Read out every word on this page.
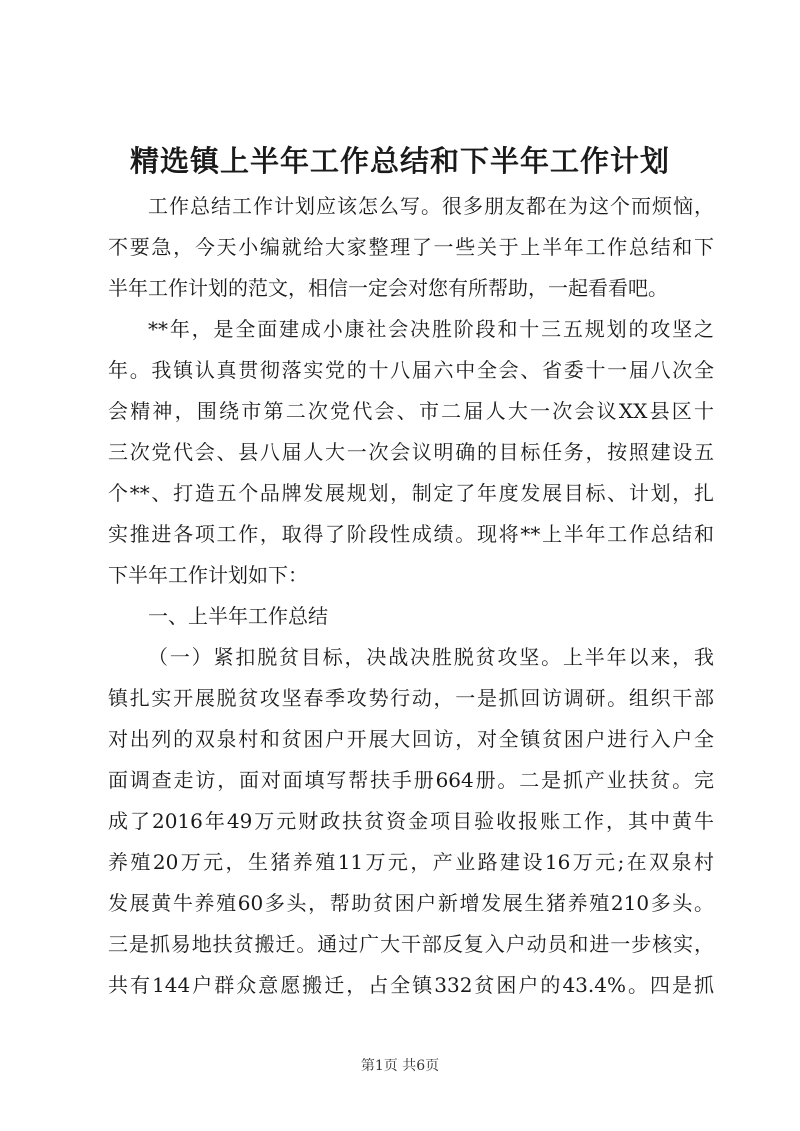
精选镇上半年工作总结和下半年工作计划
工作总结工作计划应该怎么写。很多朋友都在为这个而烦恼，
不要急，今天小编就给大家整理了一些关于上半年工作总结和下
半年工作计划的范文，相信一定会对您有所帮助，一起看看吧。
**年，是全面建成小康社会决胜阶段和十三五规划的攻坚之
年。我镇认真贯彻落实党的十八届六中全会、省委十一届八次全
会精神，围绕市第二次党代会、市二届人大一次会议XX县区十
三次党代会、县八届人大一次会议明确的目标任务，按照建设五
个**、打造五个品牌发展规划，制定了年度发展目标、计划，扎
实推进各项工作，取得了阶段性成绩。现将**上半年工作总结和
下半年工作计划如下：
一、上半年工作总结
（一）紧扣脱贫目标，决战决胜脱贫攻坚。上半年以来，我
镇扎实开展脱贫攻坚春季攻势行动，一是抓回访调研。组织干部
对出列的双泉村和贫困户开展大回访，对全镇贫困户进行入户全
面调查走访，面对面填写帮扶手册664册。二是抓产业扶贫。完
成了2016年49万元财政扶贫资金项目验收报账工作，其中黄牛
养殖20万元，生猪养殖11万元，产业路建设16万元;在双泉村
发展黄牛养殖60多头，帮助贫困户新增发展生猪养殖210多头。
三是抓易地扶贫搬迁。通过广大干部反复入户动员和进一步核实，
共有144户群众意愿搬迁，占全镇332贫困户的43.4%。四是抓
第1页 共6页
